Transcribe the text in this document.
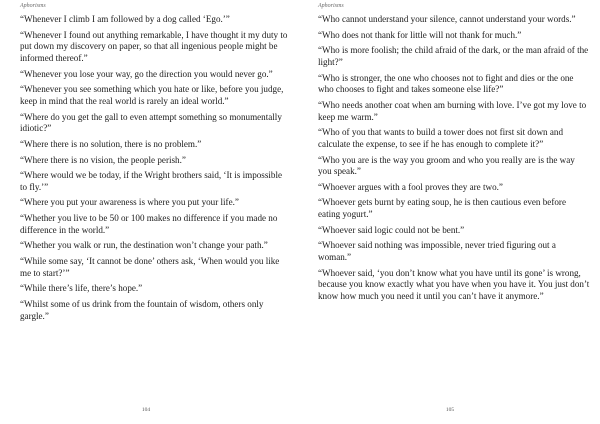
Aphorisms

“Whenever I climb I am followed by a dog called ‘Ego.’”

“Whenever I found out anything remarkable, I have thought it my duty to put down my discovery on paper, so that all ingenious people might be informed thereof.”

“Whenever you lose your way, go the direction you would never go.”

“Whenever you see something which you hate or like, before you judge, keep in mind that the real world is rarely an ideal world.”

“Where do you get the gall to even attempt something so monumentally idiotic?”

“Where there is no solution, there is no problem.”

“Where there is no vision, the people perish.”

“Where would we be today, if the Wright brothers said, ‘It is impossible to fly.’”

“Where you put your awareness is where you put your life.”

“Whether you live to be 50 or 100 makes no difference if you made no difference in the world.”

“Whether you walk or run, the destination won’t change your path.”

“While some say, ‘It cannot be done’ others ask, ‘When would you like me to start?’”

“While there’s life, there’s hope.”

“Whilst some of us drink from the fountain of wisdom, others only gargle.”

104
Aphorisms

“Who cannot understand your silence, cannot understand your words.”

“Who does not thank for little will not thank for much.”

“Who is more foolish; the child afraid of the dark, or the man afraid of the light?”

“Who is stronger, the one who chooses not to fight and dies or the one who chooses to fight and takes someone else life?”

“Who needs another coat when am burning with love. I’ve got my love to keep me warm.”

“Who of you that wants to build a tower does not first sit down and calculate the expense, to see if he has enough to complete it?”

“Who you are is the way you groom and who you really are is the way you speak.”

“Whoever argues with a fool proves they are two.”

“Whoever gets burnt by eating soup, he is then cautious even before eating yogurt.”

“Whoever said logic could not be bent.”

“Whoever said nothing was impossible, never tried figuring out a woman.”

“Whoever said, ‘you don’t know what you have until its gone’ is wrong, because you know exactly what you have when you have it. You just don’t know how much you need it until you can’t have it anymore.”

105
